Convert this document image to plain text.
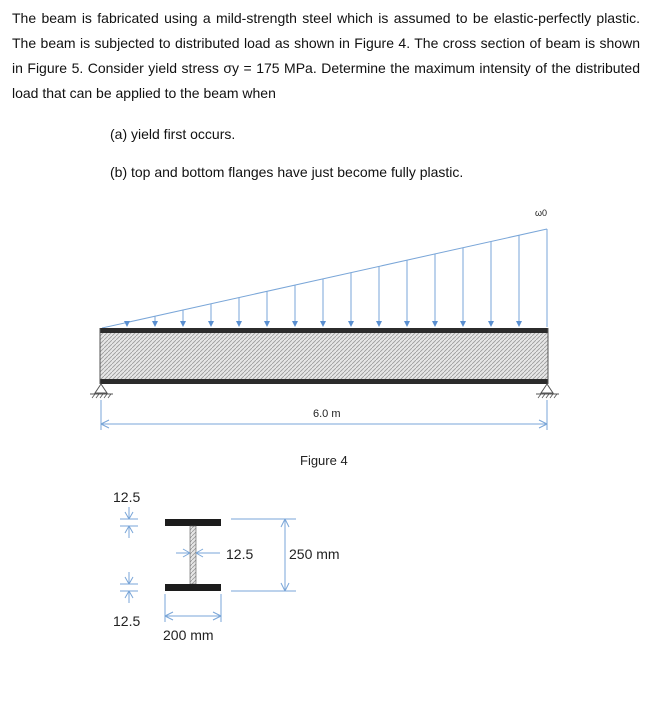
The beam is fabricated using a mild-strength steel which is assumed to be elastic-perfectly plastic. The beam is subjected to distributed load as shown in Figure 4. The cross section of beam is shown in Figure 5. Consider yield stress σy = 175 MPa. Determine the maximum intensity of the distributed load that can be applied to the beam when
(a) yield first occurs.
(b) top and bottom flanges have just become fully plastic.
ω0
6.0 m
Figure 4
12.5
12.5
12.5	250 mm
200 mm
